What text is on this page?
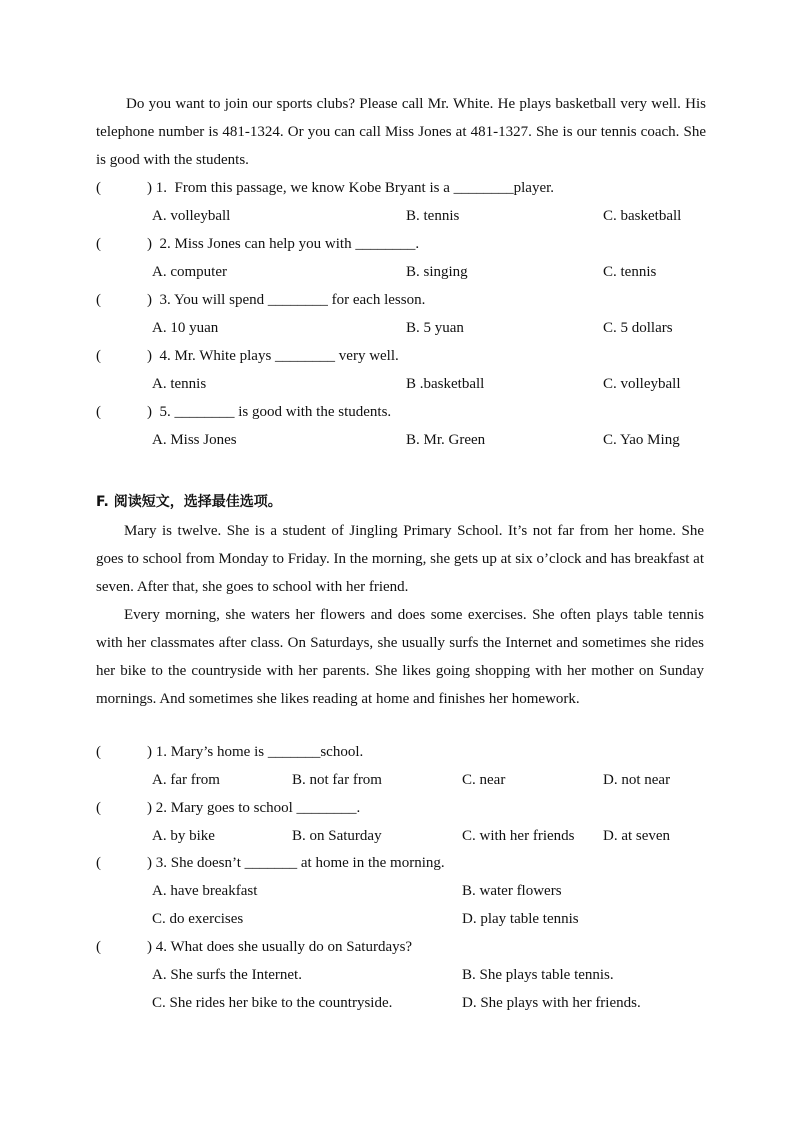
Do you want to join our sports clubs? Please call Mr. White. He plays basketball very well. His telephone number is 481-1324. Or you can call Miss Jones at 481-1327. She is our tennis coach. She is good with the students.
(	) 1.  From this passage, we know Kobe Bryant is a ________player.
A. volleyball	B. tennis	C. basketball
(	)  2. Miss Jones can help you with ________.
A. computer	B. singing	C. tennis
(	)  3. You will spend ________ for each lesson.
A. 10 yuan	B. 5 yuan	C. 5 dollars
(	)  4. Mr. White plays ________ very well.
A. tennis	B .basketball	C. volleyball
(	)  5. ________ is good with the students.
A. Miss Jones	B. Mr. Green	C. Yao Ming
F. 阅读短文，选择最佳选项。
Mary is twelve. She is a student of Jingling Primary School. It’s not far from her home. She goes to school from Monday to Friday. In the morning, she gets up at six o’clock and has breakfast at seven. After that, she goes to school with her friend.
Every morning, she waters her flowers and does some exercises. She often plays table tennis with her classmates after class. On Saturdays, she usually surfs the Internet and sometimes she rides her bike to the countryside with her parents. She likes going shopping with her mother on Sunday mornings. And sometimes she likes reading at home and finishes her homework.
(	) 1. Mary’s home is _______school.
A. far from	B. not far from	C. near	D. not near
(	) 2. Mary goes to school ________.
A. by bike	B. on Saturday	C. with her friends D. at seven
(	) 3. She doesn’t _______ at home in the morning.
A. have breakfast	B. water flowers
C. do exercises	D. play table tennis
(	) 4. What does she usually do on Saturdays?
A. She surfs the Internet.	B. She plays table tennis.
C. She rides her bike to the countryside.	D. She plays with her friends.
